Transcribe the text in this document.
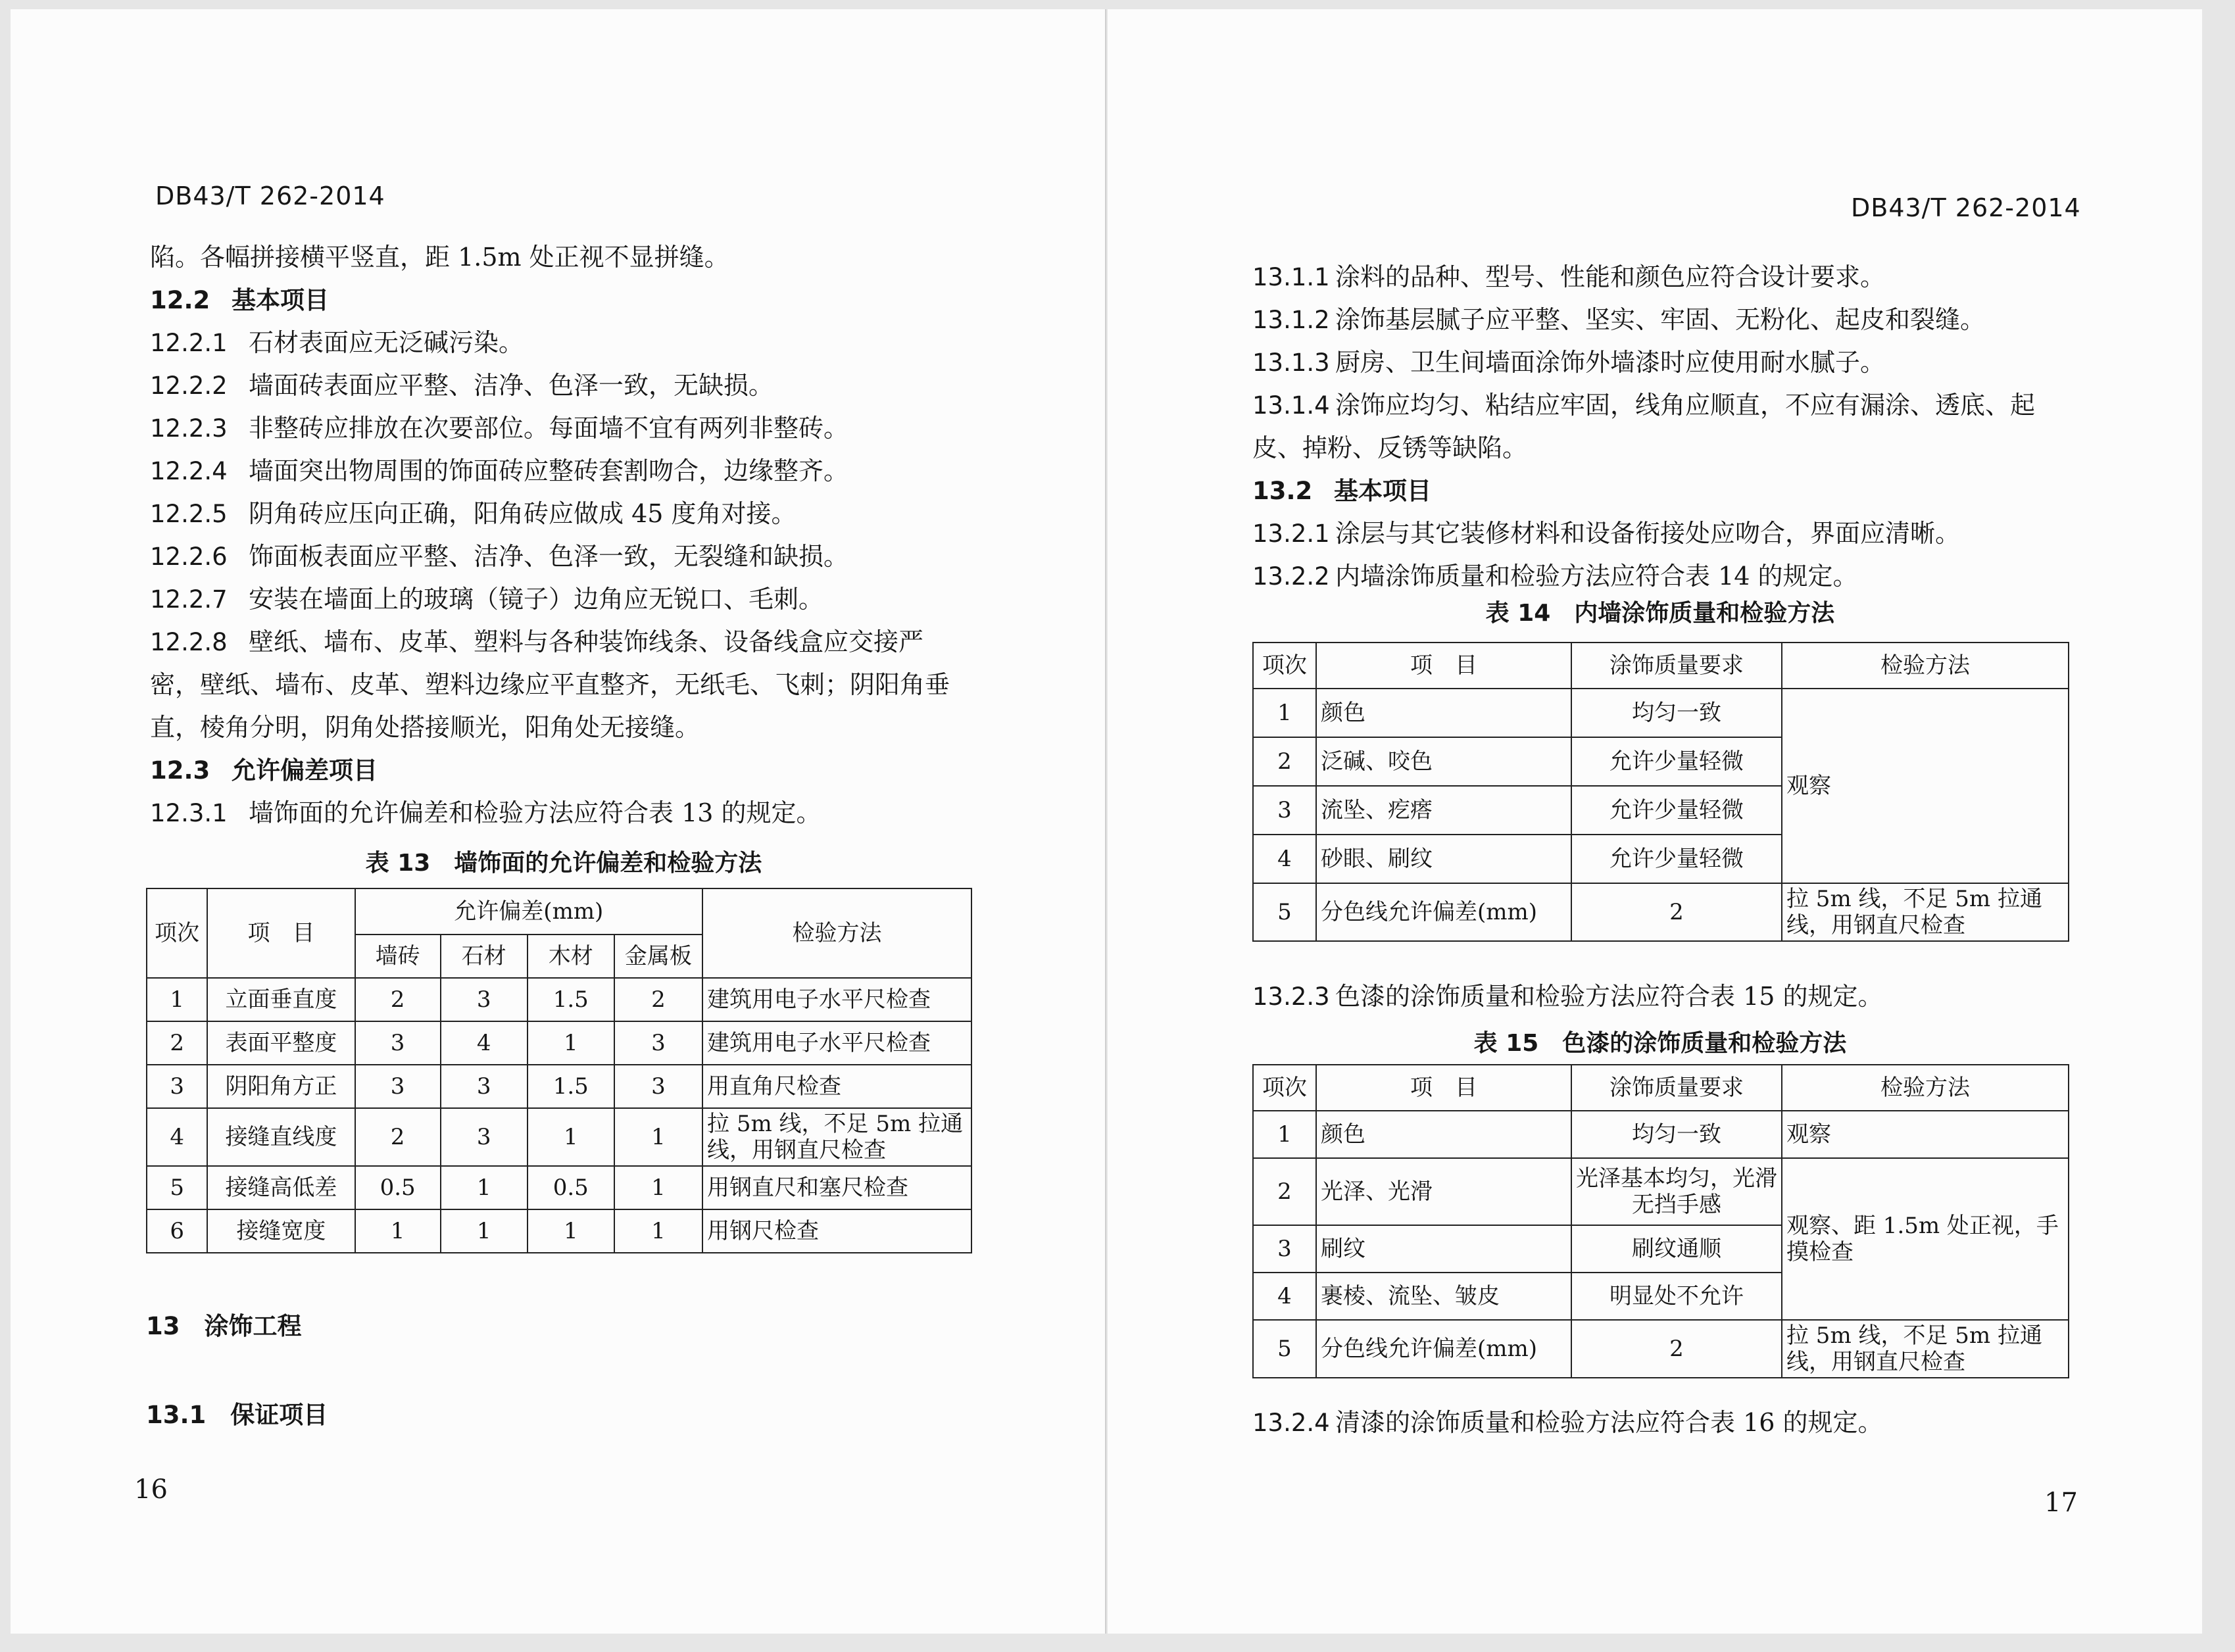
DB43/T 262-2014
陷。各幅拼接横平竖直，距 1.5m 处正视不显拼缝。
12.2 基本项目
12.2.1 石材表面应无泛碱污染。
12.2.2 墙面砖表面应平整、洁净、色泽一致，无缺损。
12.2.3 非整砖应排放在次要部位。每面墙不宜有两列非整砖。
12.2.4 墙面突出物周围的饰面砖应整砖套割吻合，边缘整齐。
12.2.5 阴角砖应压向正确，阳角砖应做成 45 度角对接。
12.2.6 饰面板表面应平整、洁净、色泽一致，无裂缝和缺损。
12.2.7 安装在墙面上的玻璃（镜子）边角应无锐口、毛刺。
12.2.8 壁纸、墙布、皮革、塑料与各种装饰线条、设备线盒应交接严
密，壁纸、墙布、皮革、塑料边缘应平直整齐，无纸毛、飞刺；阴阳角垂
直，棱角分明，阴角处搭接顺光，阳角处无接缝。
12.3 允许偏差项目
12.3.1 墙饰面的允许偏差和检验方法应符合表 13 的规定。
表 13　墙饰面的允许偏差和检验方法
项次	项　目	允许偏差(mm)				检验方法
		墙砖	石材	木材	金属板	
1	立面垂直度	2	3	1.5	2	建筑用电子水平尺检查
2	表面平整度	3	4	1	3	建筑用电子水平尺检查
3	阴阳角方正	3	3	1.5	3	用直角尺检查
4	接缝直线度	2	3	1	1	拉 5m 线，不足 5m 拉通线，用钢直尺检查
5	接缝高低差	0.5	1	0.5	1	用钢直尺和塞尺检查
6	接缝宽度	1	1	1	1	用钢尺检查
13　涂饰工程
13.1　保证项目
16
DB43/T 262-2014
13.1.1 涂料的品种、型号、性能和颜色应符合设计要求。
13.1.2 涂饰基层腻子应平整、坚实、牢固、无粉化、起皮和裂缝。
13.1.3 厨房、卫生间墙面涂饰外墙漆时应使用耐水腻子。
13.1.4 涂饰应均匀、粘结应牢固，线角应顺直，不应有漏涂、透底、起
皮、掉粉、反锈等缺陷。
13.2 基本项目
13.2.1 涂层与其它装修材料和设备衔接处应吻合，界面应清晰。
13.2.2 内墙涂饰质量和检验方法应符合表 14 的规定。
表 14　内墙涂饰质量和检验方法
项次	项　目	涂饰质量要求	检验方法
1	颜色	均匀一致	观察
2	泛碱、咬色	允许少量轻微	
3	流坠、疙瘩	允许少量轻微	
4	砂眼、刷纹	允许少量轻微	
5	分色线允许偏差(mm)	2	拉 5m 线，不足 5m 拉通线，用钢直尺检查
13.2.3 色漆的涂饰质量和检验方法应符合表 15 的规定。
表 15　色漆的涂饰质量和检验方法
项次	项　目	涂饰质量要求	检验方法
1	颜色	均匀一致	观察
2	光泽、光滑	光泽基本均匀，光滑无挡手感	观察、距 1.5m 处正视，手摸检查
3	刷纹	刷纹通顺	
4	裹棱、流坠、皱皮	明显处不允许	
5	分色线允许偏差(mm)	2	拉 5m 线，不足 5m 拉通线，用钢直尺检查
13.2.4 清漆的涂饰质量和检验方法应符合表 16 的规定。
17
